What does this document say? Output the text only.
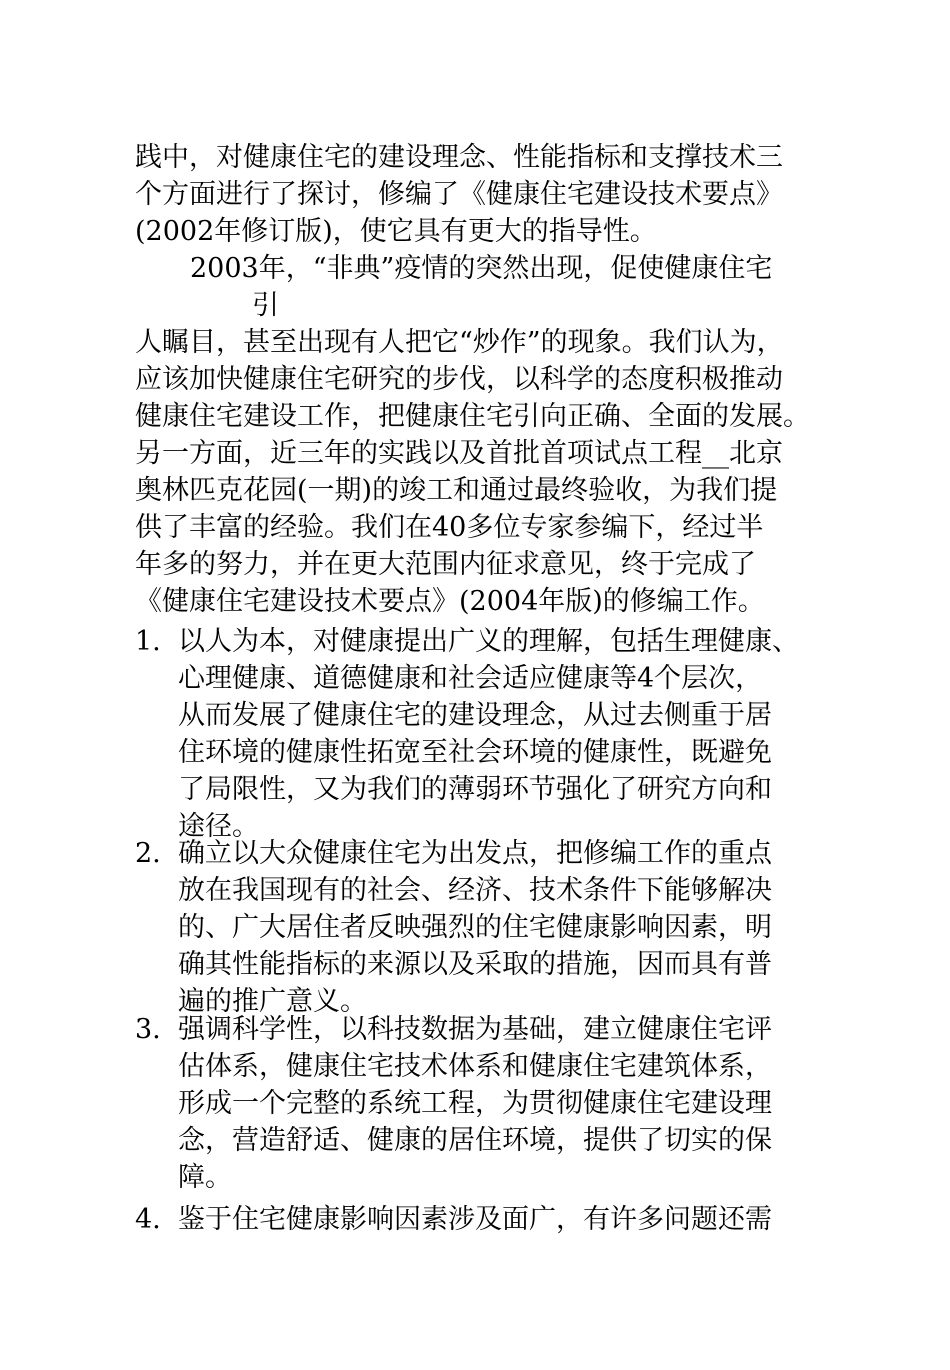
践中，对健康住宅的建设理念、性能指标和支撑技术三
个方面进行了探讨，修编了《健康住宅建设技术要点》
(2002年修订版)，使它具有更大的指导性。
2003年，“非典”疫情的突然出现，促使健康住宅
引
人瞩目，甚至出现有人把它“炒作”的现象。我们认为，
应该加快健康住宅研究的步伐，以科学的态度积极推动
健康住宅建设工作，把健康住宅引向正确、全面的发展。
另一方面，近三年的实践以及首批首项试点工程__北京
奥林匹克花园(一期)的竣工和通过最终验收，为我们提
供了丰富的经验。我们在40多位专家参编下，经过半
年多的努力，并在更大范围内征求意见，终于完成了
《健康住宅建设技术要点》(2004年版)的修编工作。
1. 以人为本，对健康提出广义的理解，包括生理健康、
心理健康、道德健康和社会适应健康等4个层次，
从而发展了健康住宅的建设理念，从过去侧重于居
住环境的健康性拓宽至社会环境的健康性，既避免
了局限性，又为我们的薄弱环节强化了研究方向和
途径。
2. 确立以大众健康住宅为出发点，把修编工作的重点
放在我国现有的社会、经济、技术条件下能够解决
的、广大居住者反映强烈的住宅健康影响因素，明
确其性能指标的来源以及采取的措施，因而具有普
遍的推广意义。
3. 强调科学性，以科技数据为基础，建立健康住宅评
估体系，健康住宅技术体系和健康住宅建筑体系，
形成一个完整的系统工程，为贯彻健康住宅建设理
念，营造舒适、健康的居住环境，提供了切实的保
障。
4. 鉴于住宅健康影响因素涉及面广，有许多问题还需
